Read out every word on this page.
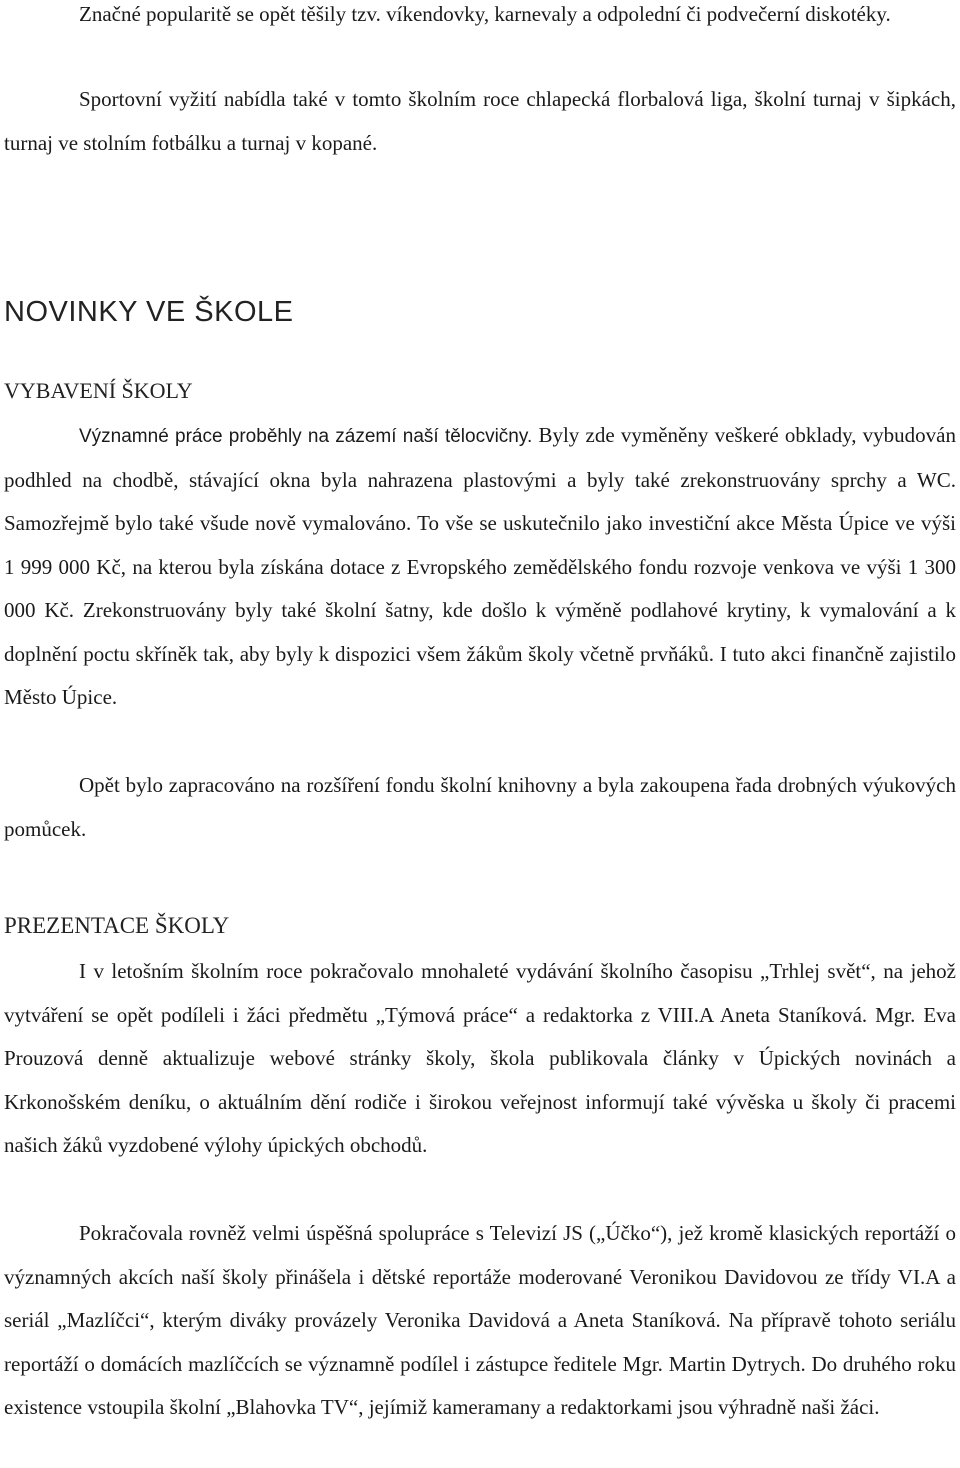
Značné popularitě se opět těšily tzv. víkendovky, karnevaly a odpolední či podvečerní diskotéky.

Sportovní vyžití nabídla také v tomto školním roce chlapecká florbalová liga, školní turnaj v šipkách, turnaj ve stolním fotbálku a turnaj v kopané.

NOVINKY VE ŠKOLE
VYBAVENÍ ŠKOLY

Významné práce proběhly na zázemí naší tělocvičny. Byly zde vyměněny veškeré obklady, vybudován podhled na chodbě, stávající okna byla nahrazena plastovými a byly také zrekonstruovány sprchy a WC. Samozřejmě bylo také všude nově vymalováno. To vše se uskutečnilo jako investiční akce Města Úpice ve výši 1 999 000 Kč, na kterou byla získána dotace z Evropského zemědělského fondu rozvoje venkova ve výši 1 300 000 Kč. Zrekonstruovány byly také školní šatny, kde došlo k výměně podlahové krytiny, k vymalování a k doplnění poctu skříněk tak, aby byly k dispozici všem žákům školy včetně prvňáků. I tuto akci finančně zajistilo Město Úpice.

Opět bylo zapracováno na rozšíření fondu školní knihovny a byla zakoupena řada drobných výukových pomůcek.

PREZENTACE ŠKOLY

I v letošním školním roce pokračovalo mnohaleté vydávání školního časopisu „Trhlej svět“, na jehož vytváření se opět podíleli i žáci předmětu „Týmová práce“ a redaktorka z VIII.A Aneta Staníková. Mgr. Eva Prouzová denně aktualizuje webové stránky školy, škola publikovala články v Úpických novinách a Krkonošském deníku, o aktuálním dění rodiče i širokou veřejnost informují také vývěska u školy či pracemi našich žáků vyzdobené výlohy úpických obchodů.

Pokračovala rovněž velmi úspěšná spolupráce s Televizí JS („Účko“), jež kromě klasických reportáží o významných akcích naší školy přinášela i dětské reportáže moderované Veronikou Davidovou ze třídy VI.A a seriál „Mazlíčci“, kterým diváky provázely Veronika Davidová a Aneta Staníková. Na přípravě tohoto seriálu reportáží o domácích mazlíčcích se významně podílel i zástupce ředitele Mgr. Martin Dytrych. Do druhého roku existence vstoupila školní „Blahovka TV“, jejímiž kameramany a redaktorkami jsou výhradně naši žáci.
